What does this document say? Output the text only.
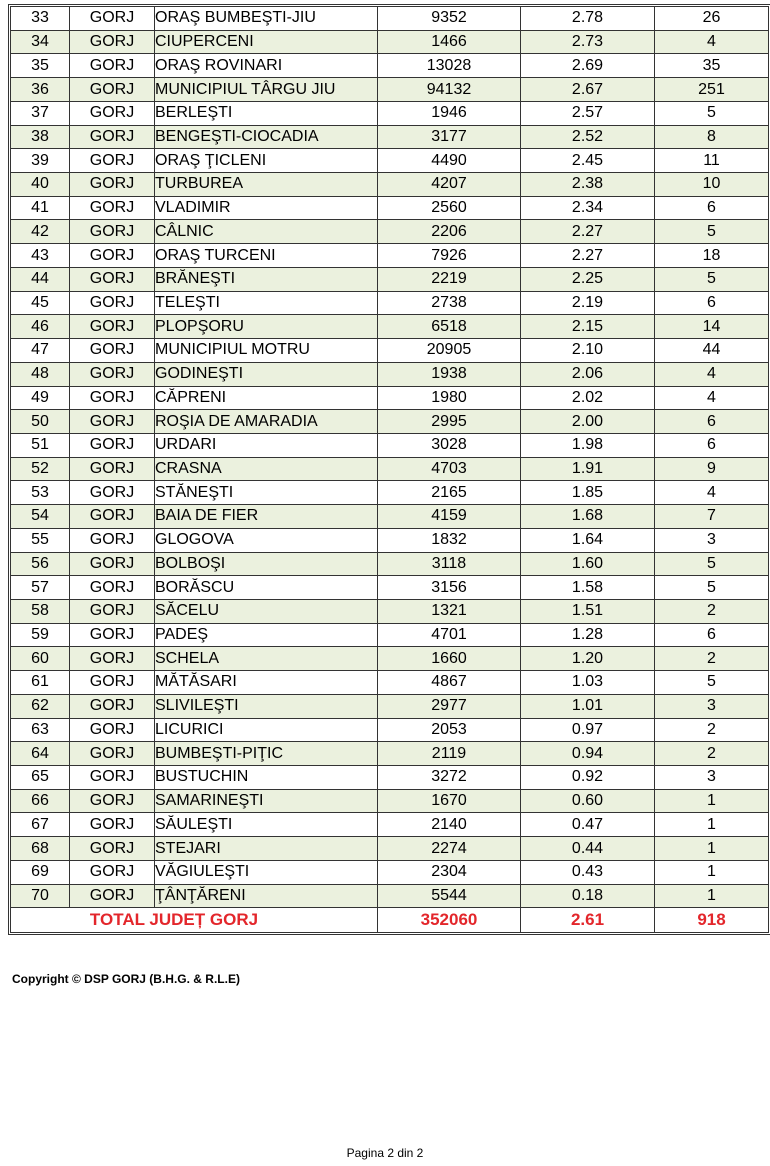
33	GORJ	ORAŞ BUMBEŞTI-JIU	9352	2.78	26
34	GORJ	CIUPERCENI	1466	2.73	4
35	GORJ	ORAŞ ROVINARI	13028	2.69	35
36	GORJ	MUNICIPIUL TÂRGU JIU	94132	2.67	251
37	GORJ	BERLEŞTI	1946	2.57	5
38	GORJ	BENGEŞTI-CIOCADIA	3177	2.52	8
39	GORJ	ORAŞ ŢICLENI	4490	2.45	11
40	GORJ	TURBUREA	4207	2.38	10
41	GORJ	VLADIMIR	2560	2.34	6
42	GORJ	CÂLNIC	2206	2.27	5
43	GORJ	ORAŞ TURCENI	7926	2.27	18
44	GORJ	BRĂNEŞTI	2219	2.25	5
45	GORJ	TELEŞTI	2738	2.19	6
46	GORJ	PLOPŞORU	6518	2.15	14
47	GORJ	MUNICIPIUL MOTRU	20905	2.10	44
48	GORJ	GODINEŞTI	1938	2.06	4
49	GORJ	CĂPRENI	1980	2.02	4
50	GORJ	ROŞIA DE AMARADIA	2995	2.00	6
51	GORJ	URDARI	3028	1.98	6
52	GORJ	CRASNA	4703	1.91	9
53	GORJ	STĂNEŞTI	2165	1.85	4
54	GORJ	BAIA DE FIER	4159	1.68	7
55	GORJ	GLOGOVA	1832	1.64	3
56	GORJ	BOLBOŞI	3118	1.60	5
57	GORJ	BORĂSCU	3156	1.58	5
58	GORJ	SĂCELU	1321	1.51	2
59	GORJ	PADEŞ	4701	1.28	6
60	GORJ	SCHELA	1660	1.20	2
61	GORJ	MĂTĂSARI	4867	1.03	5
62	GORJ	SLIVILEŞTI	2977	1.01	3
63	GORJ	LICURICI	2053	0.97	2
64	GORJ	BUMBEŞTI-PIŢIC	2119	0.94	2
65	GORJ	BUSTUCHIN	3272	0.92	3
66	GORJ	SAMARINEŞTI	1670	0.60	1
67	GORJ	SĂULEŞTI	2140	0.47	1
68	GORJ	STEJARI	2274	0.44	1
69	GORJ	VĂGIULEŞTI	2304	0.43	1
70	GORJ	ŢÂNŢĂRENI	5544	0.18	1
TOTAL JUDEȚ GORJ			352060	2.61	918
Copyright © DSP GORJ (B.H.G. & R.L.E)
Pagina 2 din 2
